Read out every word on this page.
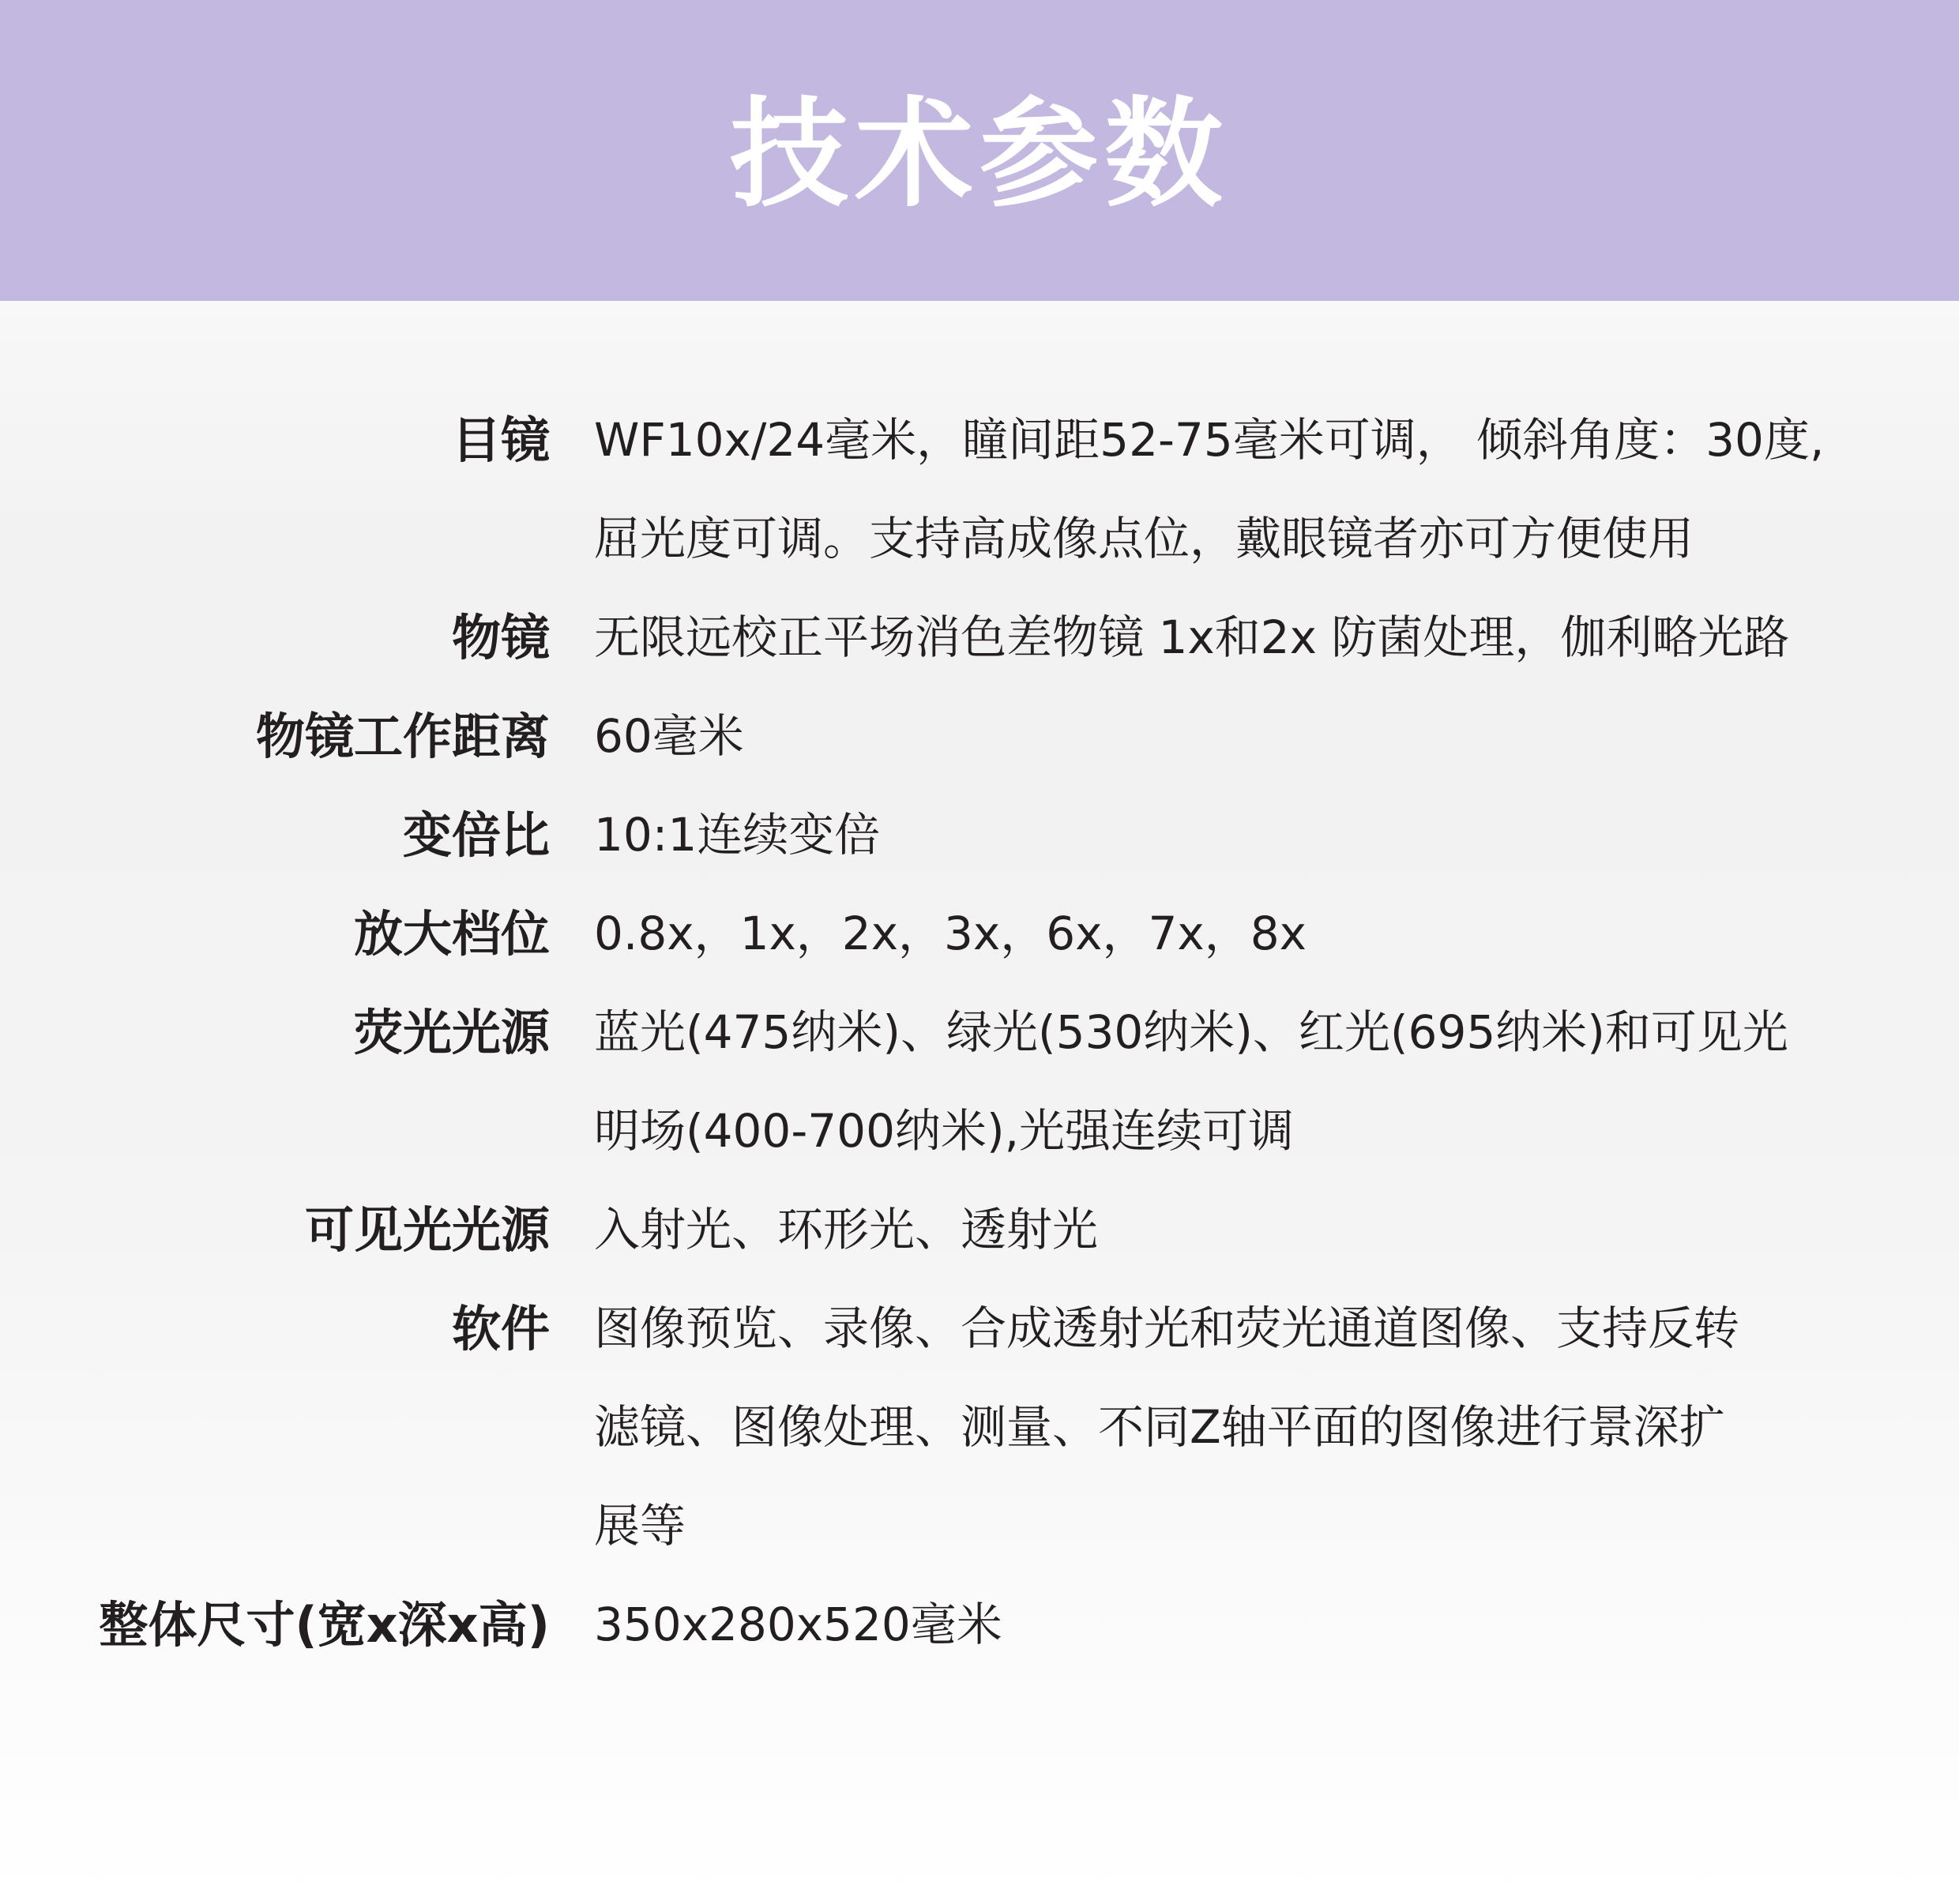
技术参数
目镜 WF10x/24毫米，瞳间距52-75毫米可调， 倾斜角度：30度,
屈光度可调。支持高成像点位，戴眼镜者亦可方便使用
物镜 无限远校正平场消色差物镜 1x和2x 防菌处理，伽利略光路
物镜工作距离 60毫米
变倍比 10:1连续变倍
放大档位 0.8x，1x，2x，3x，6x，7x，8x
荧光光源 蓝光(475纳米)、绿光(530纳米)、红光(695纳米)和可见光
明场(400-700纳米),光强连续可调
可见光光源 入射光、环形光、透射光
软件 图像预览、录像、合成透射光和荧光通道图像、支持反转
滤镜、图像处理、测量、不同Z轴平面的图像进行景深扩
展等
整体尺寸(宽x深x高) 350x280x520毫米
